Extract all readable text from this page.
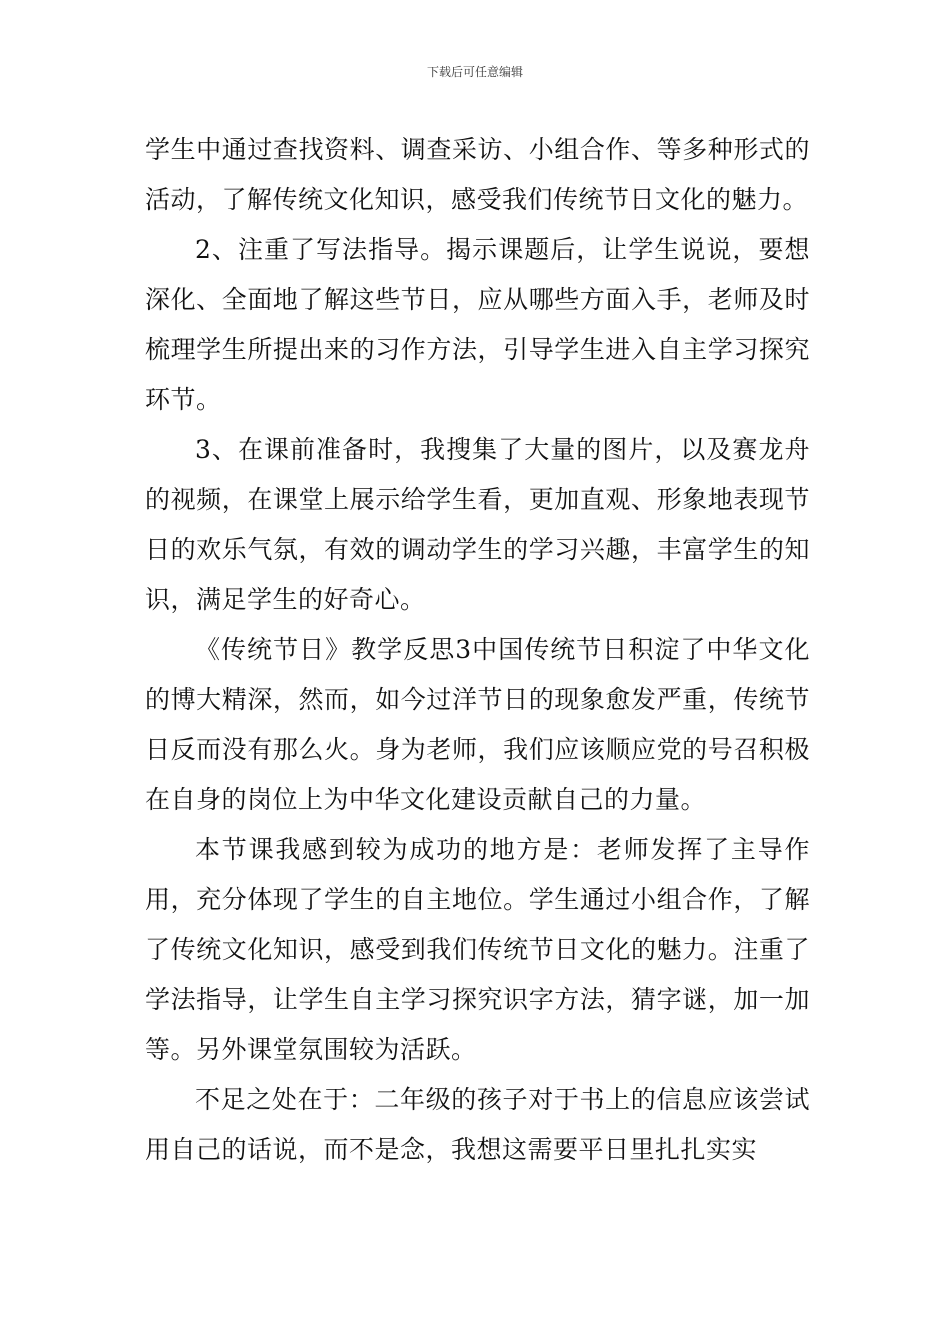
下载后可任意编辑

学生中通过查找资料、调查采访、小组合作、等多种形式的活动，了解传统文化知识，感受我们传统节日文化的魅力。

2、注重了写法指导。揭示课题后，让学生说说，要想深化、全面地了解这些节日，应从哪些方面入手，老师及时梳理学生所提出来的习作方法，引导学生进入自主学习探究环节。

3、在课前准备时，我搜集了大量的图片，以及赛龙舟的视频，在课堂上展示给学生看，更加直观、形象地表现节日的欢乐气氛，有效的调动学生的学习兴趣，丰富学生的知识，满足学生的好奇心。

《传统节日》教学反思3中国传统节日积淀了中华文化的博大精深，然而，如今过洋节日的现象愈发严重，传统节日反而没有那么火。身为老师，我们应该顺应党的号召积极在自身的岗位上为中华文化建设贡献自己的力量。

本节课我感到较为成功的地方是：老师发挥了主导作用，充分体现了学生的自主地位。学生通过小组合作，了解了传统文化知识，感受到我们传统节日文化的魅力。注重了学法指导，让学生自主学习探究识字方法，猜字谜，加一加等。另外课堂氛围较为活跃。

不足之处在于：二年级的孩子对于书上的信息应该尝试用自己的话说，而不是念，我想这需要平日里扎扎实实
